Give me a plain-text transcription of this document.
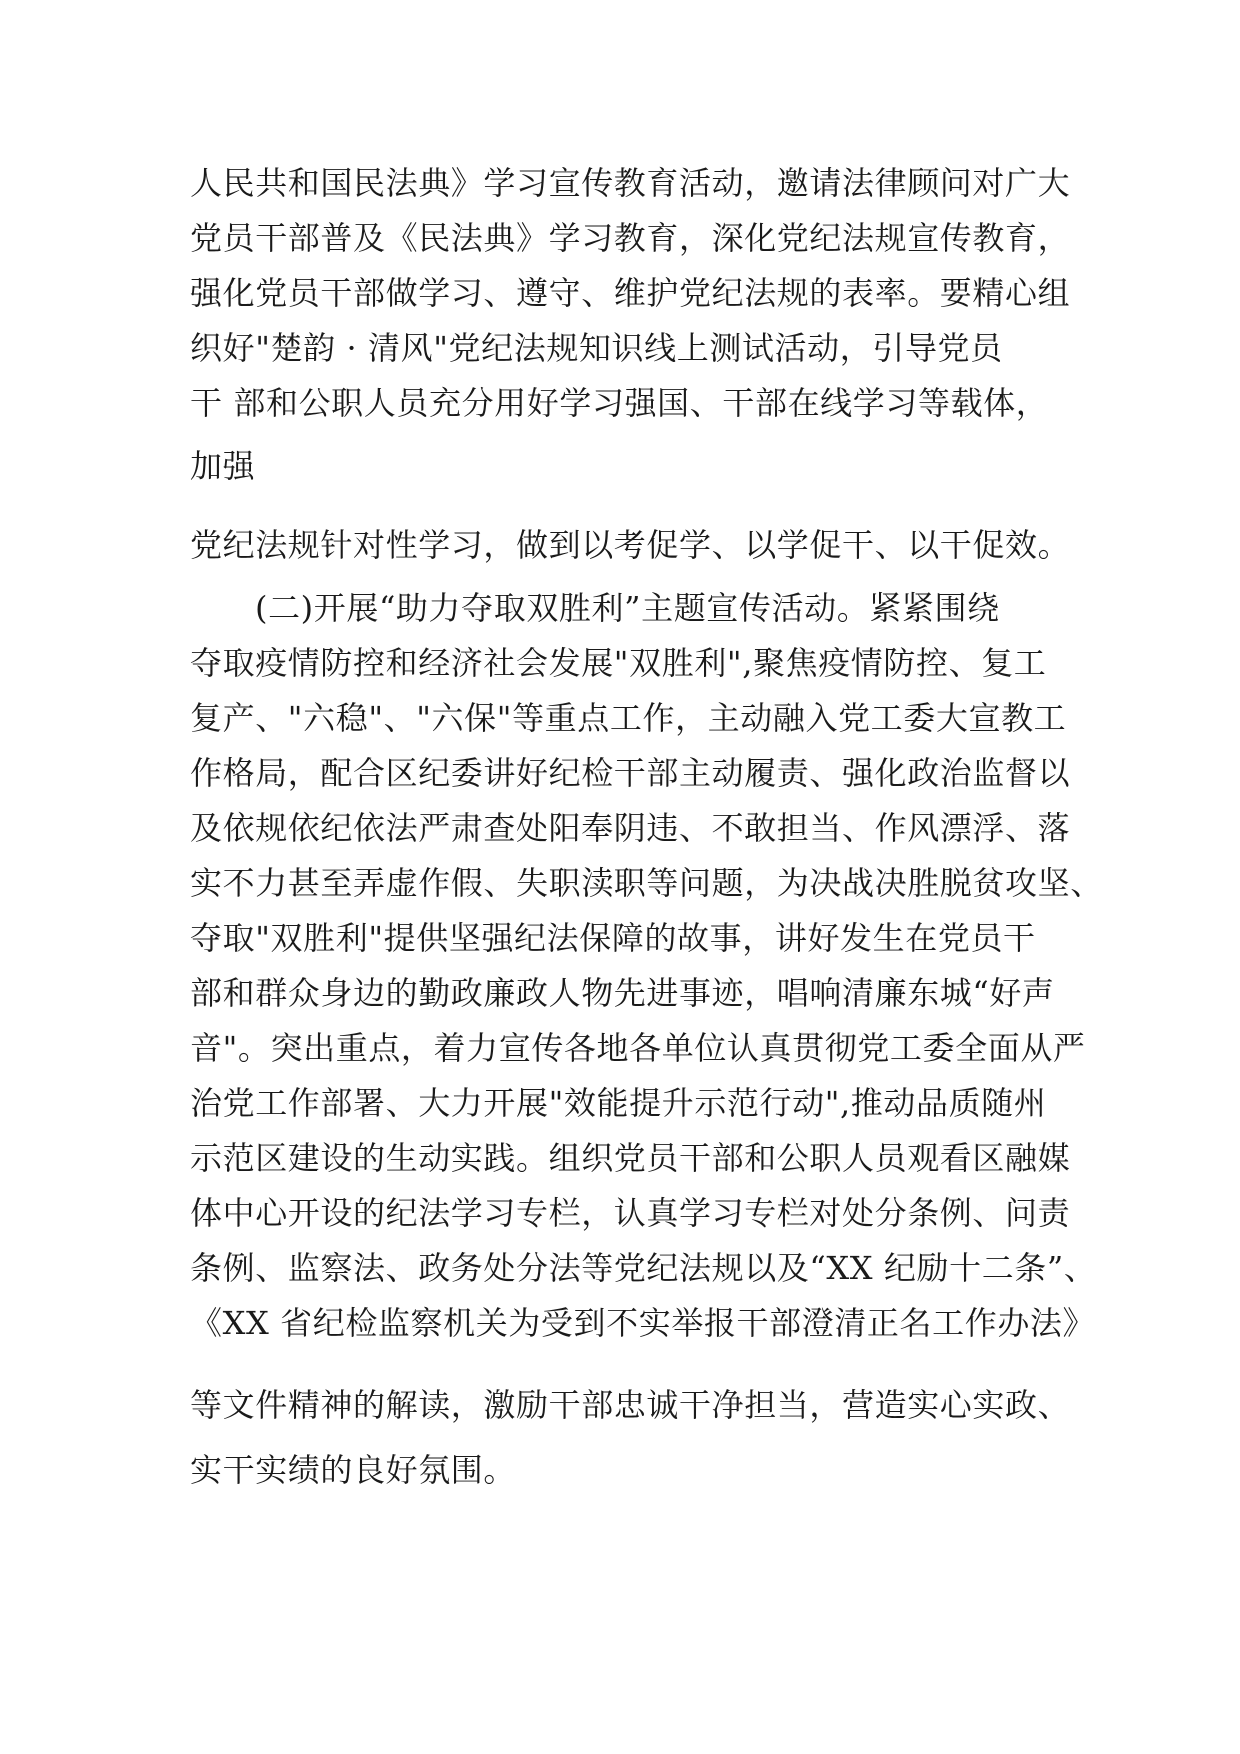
人民共和国民法典》学习宣传教育活动，邀请法律顾问对广大
党员干部普及《民法典》学习教育，深化党纪法规宣传教育，
强化党员干部做学习、遵守、维护党纪法规的表率。要精心组
织好"楚韵 · 清风"党纪法规知识线上测试活动，引导党员
干 部和公职人员充分用好学习强国、干部在线学习等载体，
加强
党纪法规针对性学习，做到以考促学、以学促干、以干促效。
(二)开展“助力夺取双胜利”主题宣传活动。紧紧围绕
夺取疫情防控和经济社会发展"双胜利",聚焦疫情防控、复工
复产、"六稳"、"六保"等重点工作，主动融入党工委大宣教工
作格局，配合区纪委讲好纪检干部主动履责、强化政治监督以
及依规依纪依法严肃查处阳奉阴违、不敢担当、作风漂浮、落
实不力甚至弄虚作假、失职渎职等问题，为决战决胜脱贫攻坚、
夺取"双胜利"提供坚强纪法保障的故事，讲好发生在党员干
部和群众身边的勤政廉政人物先进事迹，唱响清廉东城“好声
音"。突出重点，着力宣传各地各单位认真贯彻党工委全面从严
治党工作部署、大力开展"效能提升示范行动",推动品质随州
示范区建设的生动实践。组织党员干部和公职人员观看区融媒
体中心开设的纪法学习专栏，认真学习专栏对处分条例、问责
条例、监察法、政务处分法等党纪法规以及“XX 纪励十二条”、
《XX 省纪检监察机关为受到不实举报干部澄清正名工作办法》
等文件精神的解读，激励干部忠诚干净担当，营造实心实政、
实干实绩的良好氛围。
